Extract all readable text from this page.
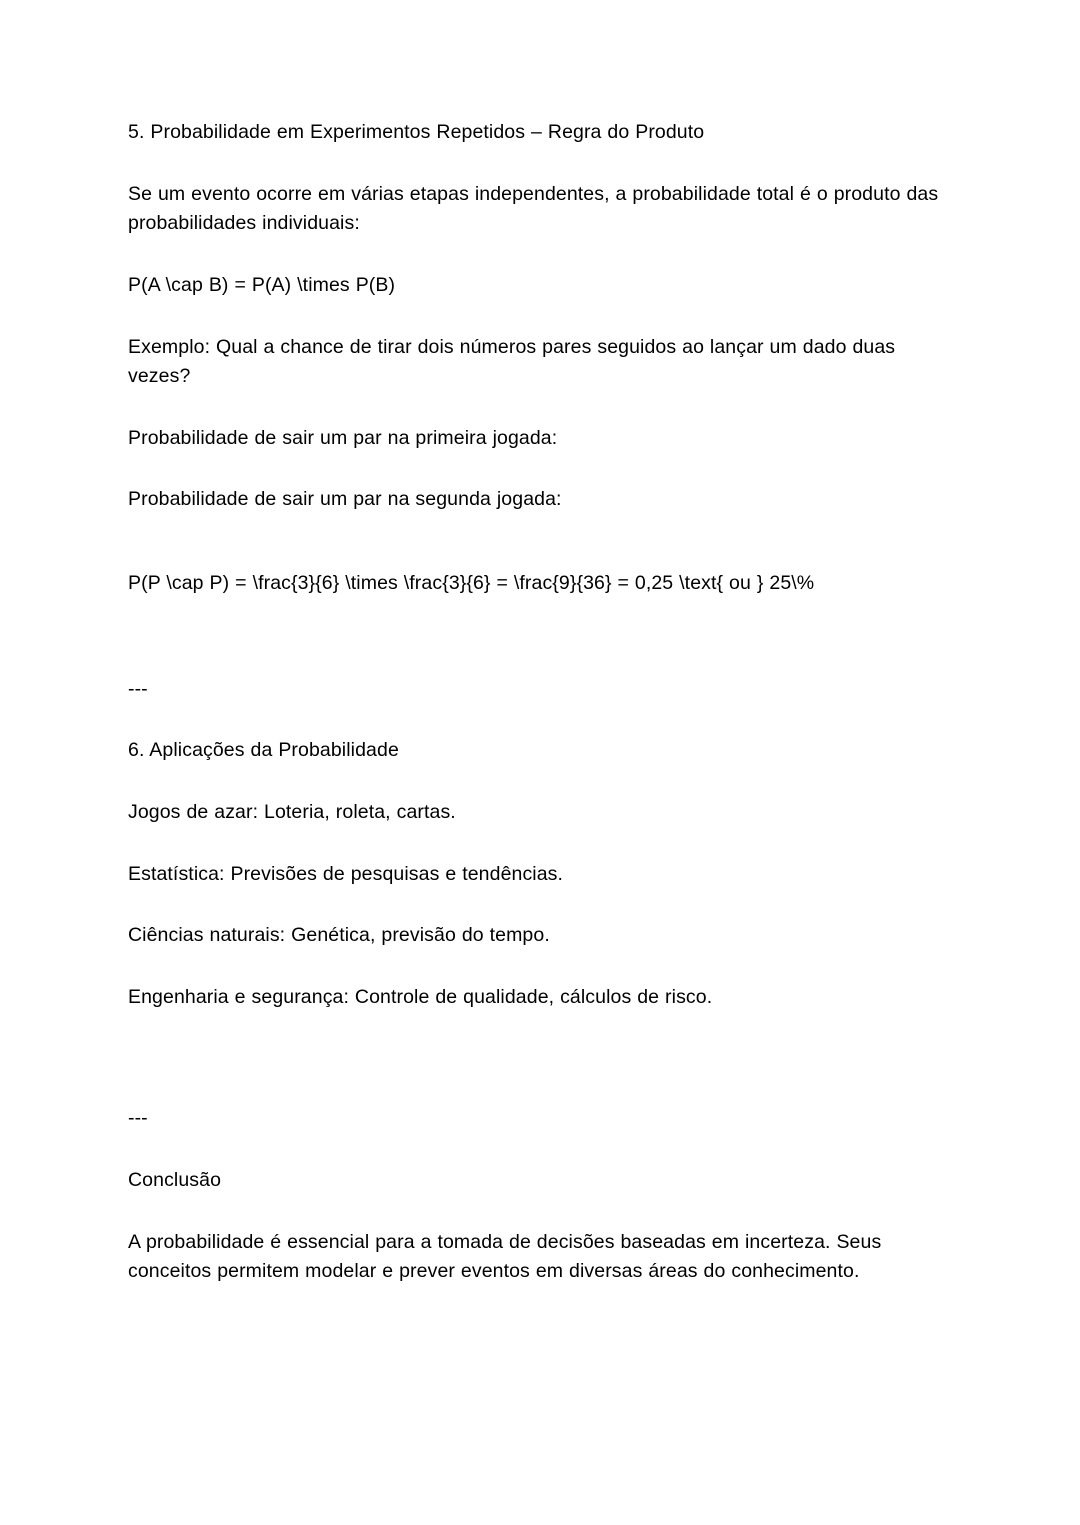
5. Probabilidade em Experimentos Repetidos – Regra do Produto

Se um evento ocorre em várias etapas independentes, a probabilidade total é o produto das probabilidades individuais:

P(A \cap B) = P(A) \times P(B)

Exemplo: Qual a chance de tirar dois números pares seguidos ao lançar um dado duas vezes?

Probabilidade de sair um par na primeira jogada:

Probabilidade de sair um par na segunda jogada:

P(P \cap P) = \frac{3}{6} \times \frac{3}{6} = \frac{9}{36} = 0,25 \text{ ou } 25\%

---

6. Aplicações da Probabilidade

Jogos de azar: Loteria, roleta, cartas.

Estatística: Previsões de pesquisas e tendências.

Ciências naturais: Genética, previsão do tempo.

Engenharia e segurança: Controle de qualidade, cálculos de risco.

---

Conclusão

A probabilidade é essencial para a tomada de decisões baseadas em incerteza. Seus conceitos permitem modelar e prever eventos em diversas áreas do conhecimento.
